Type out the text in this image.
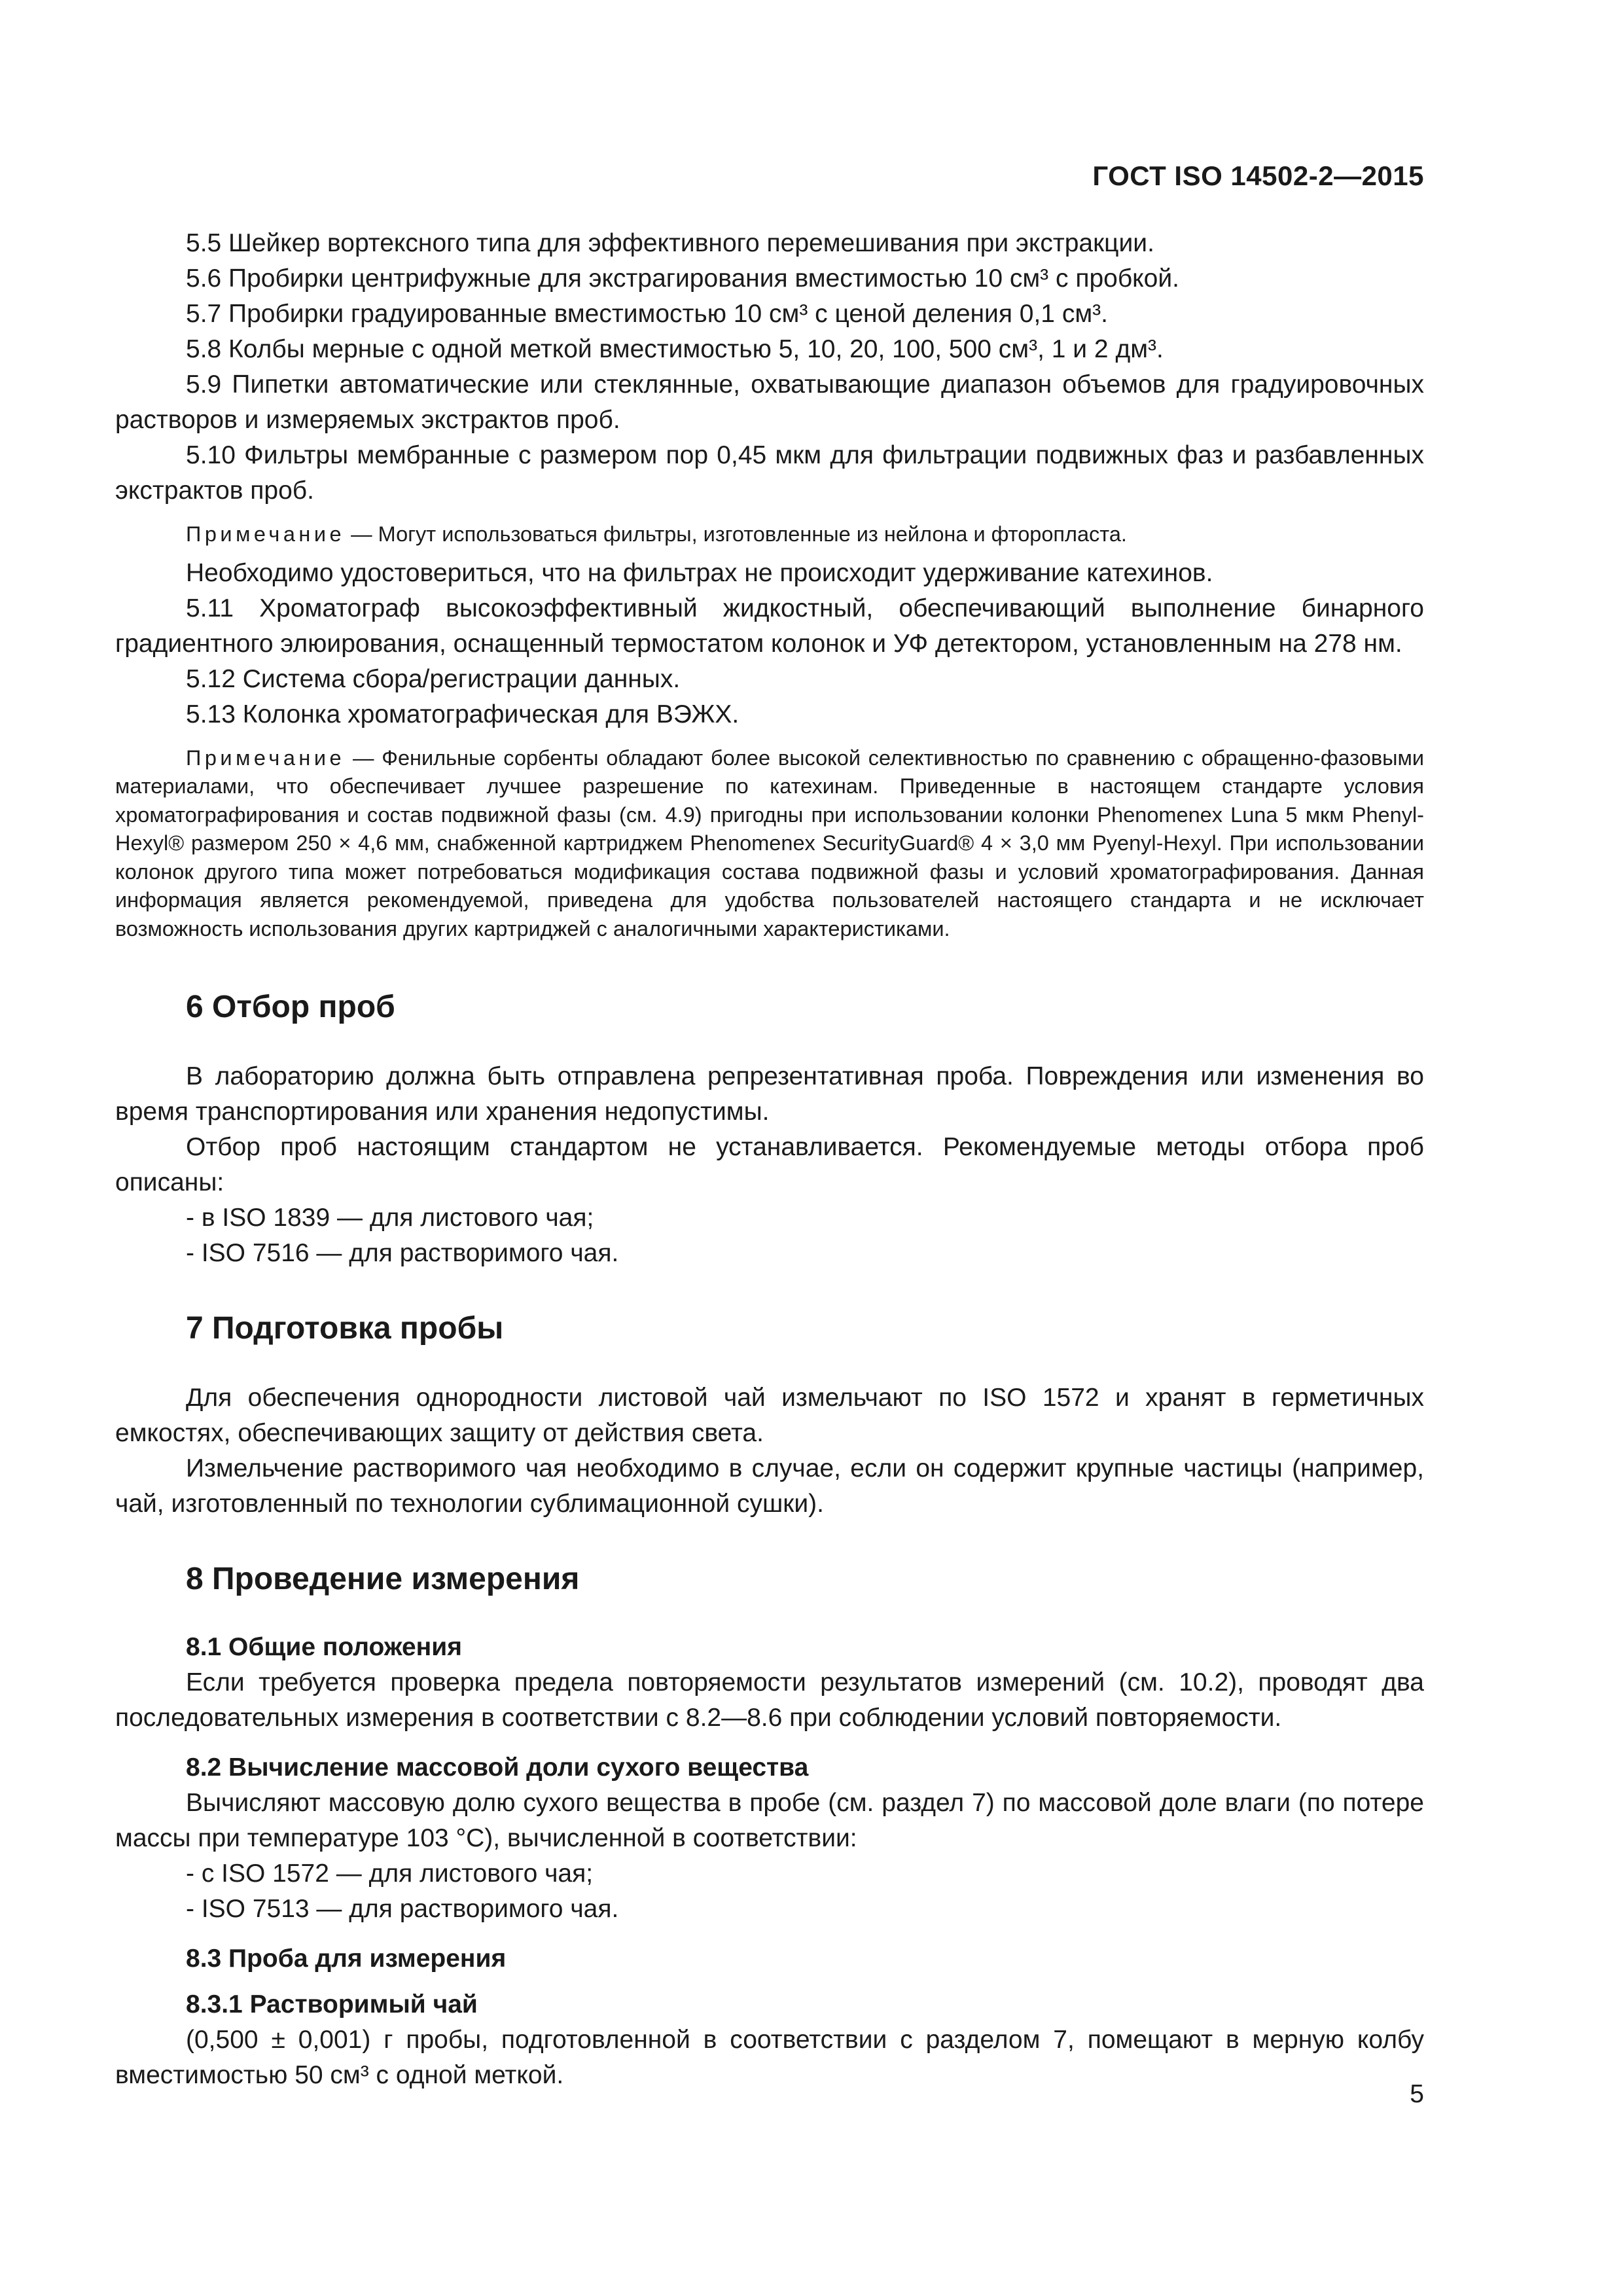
ГОСТ ISO 14502-2—2015

5.5 Шейкер вортексного типа для эффективного перемешивания при экстракции.

5.6 Пробирки центрифужные для экстрагирования вместимостью 10 см³ с пробкой.

5.7 Пробирки градуированные вместимостью 10 см³ с ценой деления 0,1 см³.

5.8 Колбы мерные с одной меткой вместимостью 5, 10, 20, 100, 500 см³, 1 и 2 дм³.

5.9 Пипетки автоматические или стеклянные, охватывающие диапазон объемов для градуировочных растворов и измеряемых экстрактов проб.

5.10 Фильтры мембранные с размером пор 0,45 мкм для фильтрации подвижных фаз и разбавленных экстрактов проб.

Примечание — Могут использоваться фильтры, изготовленные из нейлона и фторопласта.

Необходимо удостовериться, что на фильтрах не происходит удерживание катехинов.

5.11 Хроматограф высокоэффективный жидкостный, обеспечивающий выполнение бинарного градиентного элюирования, оснащенный термостатом колонок и УФ детектором, установленным на 278 нм.

5.12 Система сбора/регистрации данных.

5.13 Колонка хроматографическая для ВЭЖХ.

Примечание — Фенильные сорбенты обладают более высокой селективностью по сравнению с обращенно-фазовыми материалами, что обеспечивает лучшее разрешение по катехинам. Приведенные в настоящем стандарте условия хроматографирования и состав подвижной фазы (см. 4.9) пригодны при использовании колонки Phenomenex Luna 5 мкм Phenyl-Hexyl® размером 250 × 4,6 мм, снабженной картриджем Phenomenex SecurityGuard® 4 × 3,0 мм Pyenyl-Hexyl. При использовании колонок другого типа может потребоваться модификация состава подвижной фазы и условий хроматографирования. Данная информация является рекомендуемой, приведена для удобства пользователей настоящего стандарта и не исключает возможность использования других картриджей с аналогичными характеристиками.

6 Отбор проб

В лабораторию должна быть отправлена репрезентативная проба. Повреждения или изменения во время транспортирования или хранения недопустимы.

Отбор проб настоящим стандартом не устанавливается. Рекомендуемые методы отбора проб описаны:

- в ISO 1839 — для листового чая;

- ISO 7516 — для растворимого чая.

7 Подготовка пробы

Для обеспечения однородности листовой чай измельчают по ISO 1572 и хранят в герметичных емкостях, обеспечивающих защиту от действия света.

Измельчение растворимого чая необходимо в случае, если он содержит крупные частицы (например, чай, изготовленный по технологии сублимационной сушки).

8 Проведение измерения

8.1 Общие положения

Если требуется проверка предела повторяемости результатов измерений (см. 10.2), проводят два последовательных измерения в соответствии с 8.2—8.6 при соблюдении условий повторяемости.

8.2 Вычисление массовой доли сухого вещества

Вычисляют массовую долю сухого вещества в пробе (см. раздел 7) по массовой доле влаги (по потере массы при температуре 103 °С), вычисленной в соответствии:

- с ISO 1572 — для листового чая;

- ISO 7513 — для растворимого чая.

8.3 Проба для измерения

8.3.1 Растворимый чай

(0,500 ± 0,001) г пробы, подготовленной в соответствии с разделом 7, помещают в мерную колбу вместимостью 50 см³ с одной меткой.

5
